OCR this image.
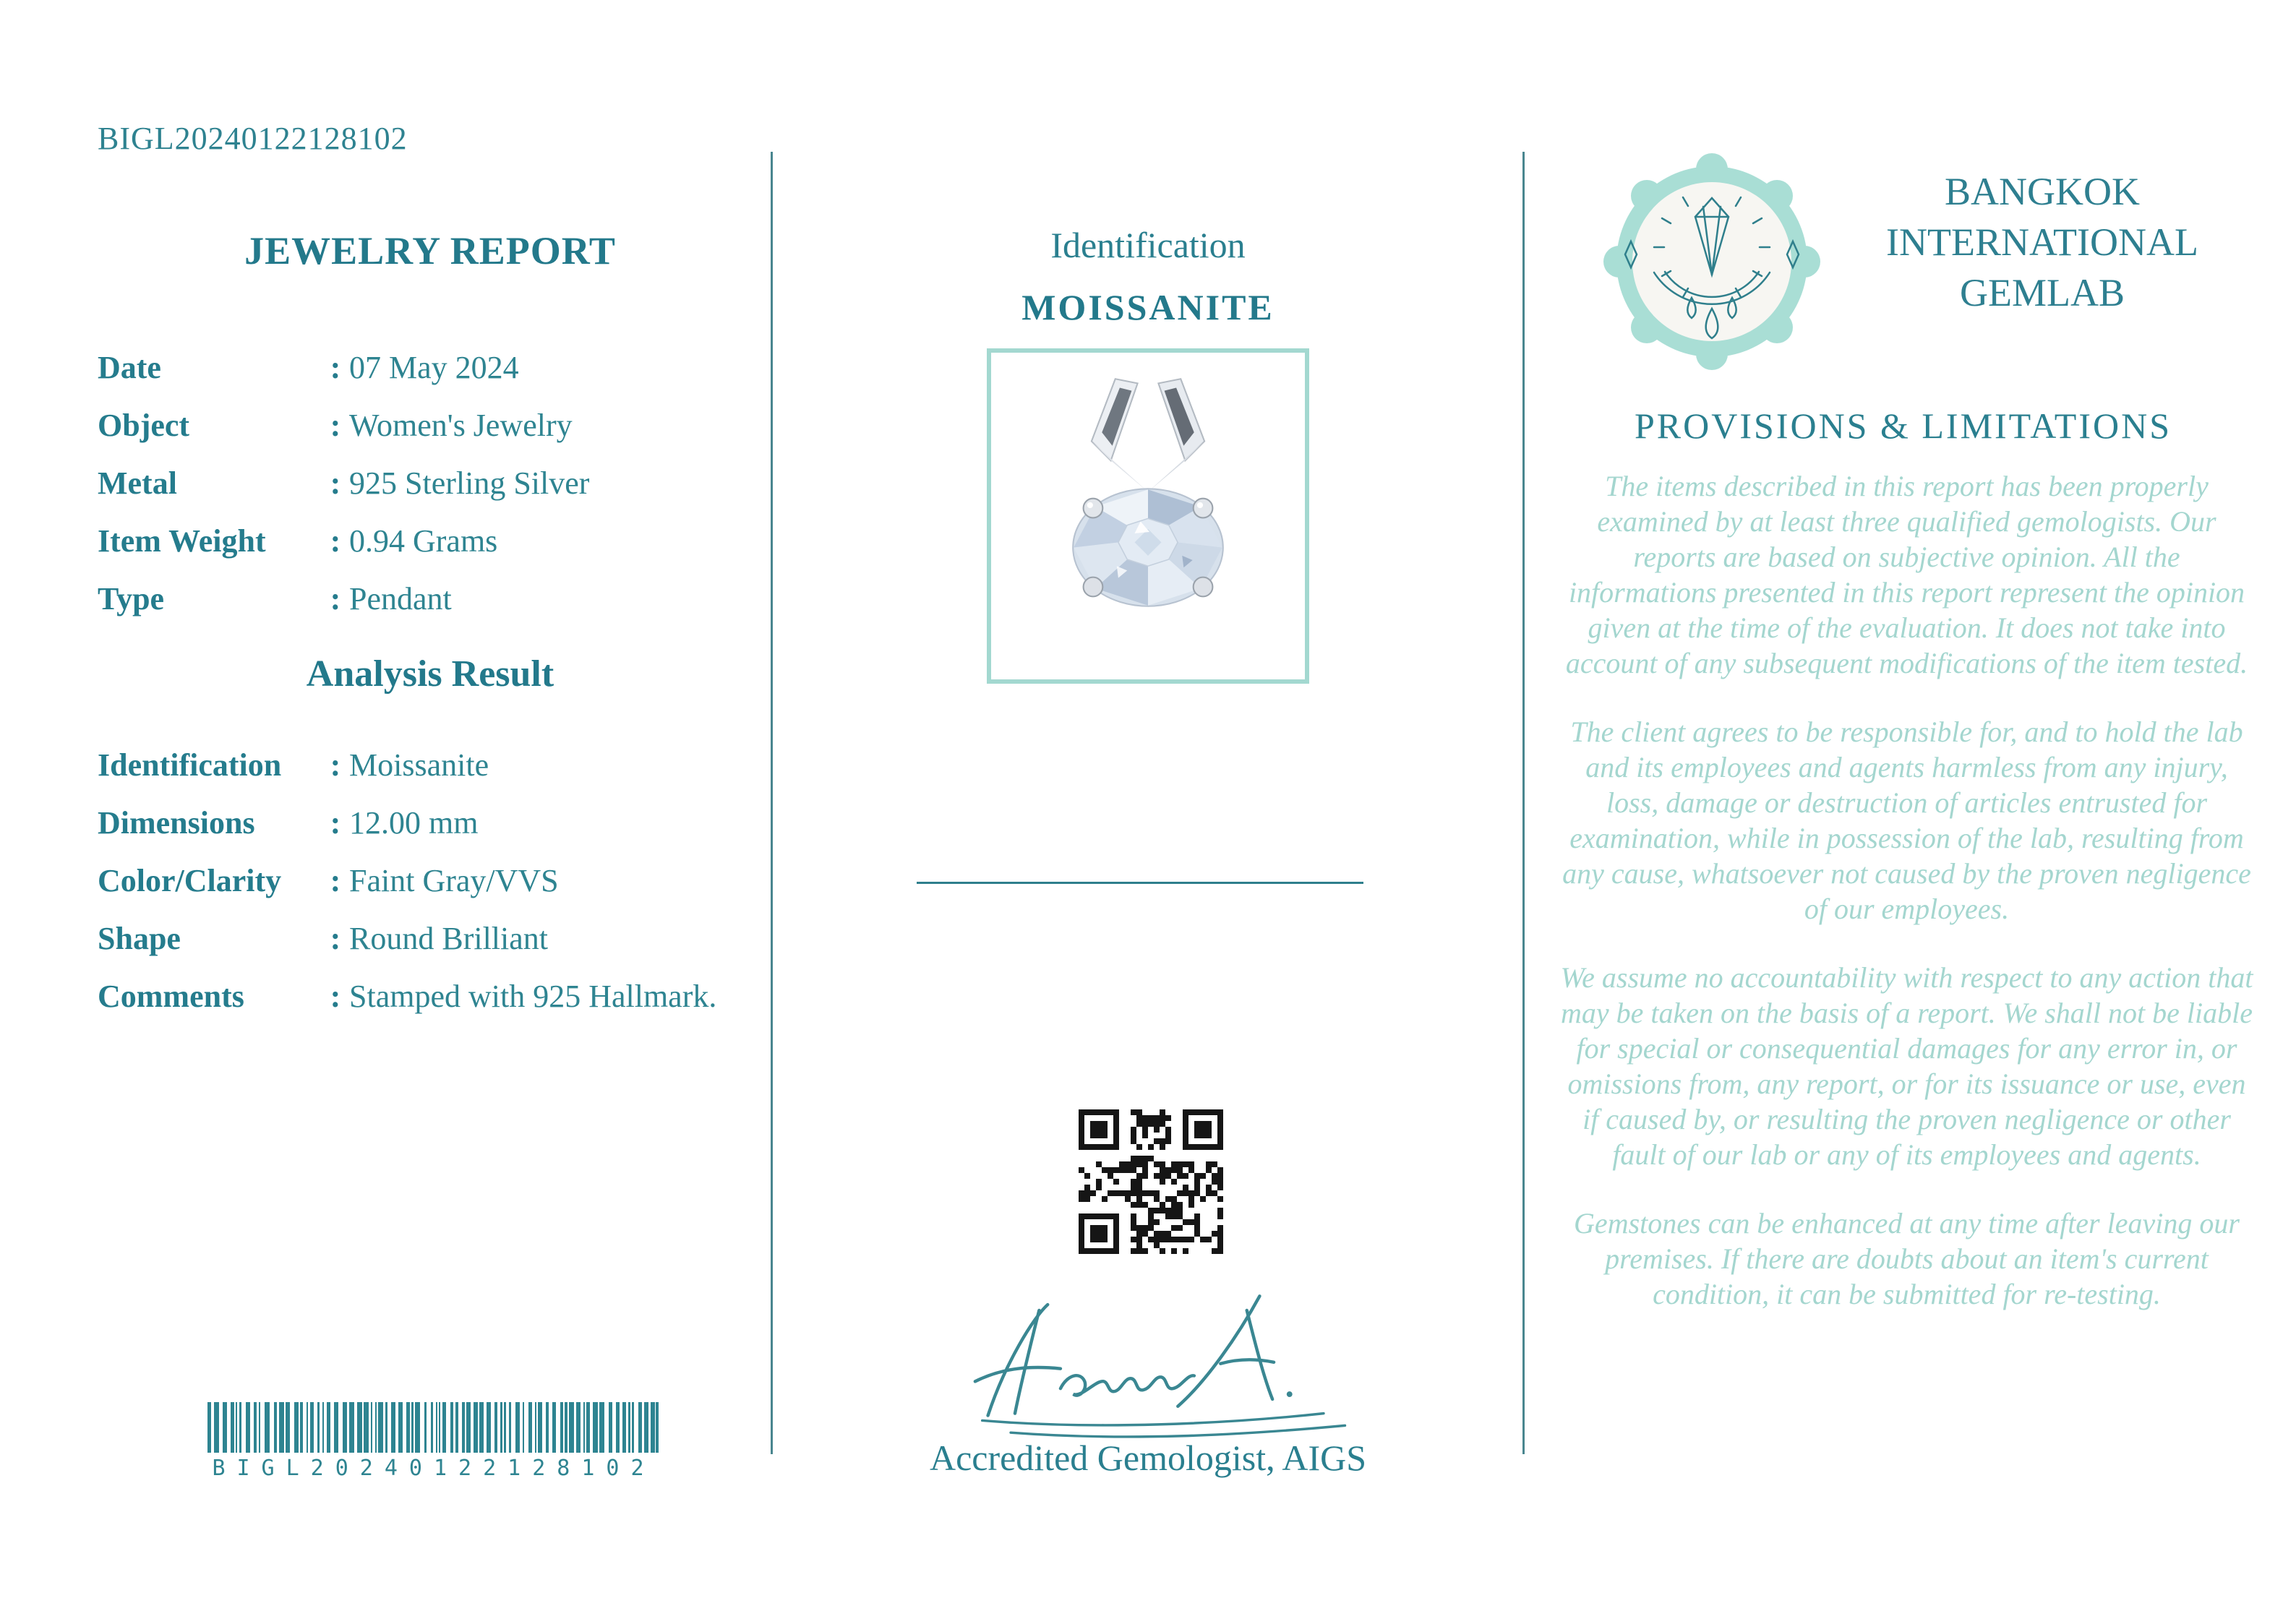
BIGL20240122128102
JEWELRY REPORT
Date	: 07 May 2024
Object	: Women's Jewelry
Metal	: 925 Sterling Silver
Item Weight	: 0.94 Grams
Type	: Pendant
Analysis Result
Identification	: Moissanite
Dimensions	: 12.00 mm
Color/Clarity	: Faint Gray/VVS
Shape	: Round Brilliant
Comments	: Stamped with 925 Hallmark.
BIGL20240122128102
Identification
MOISSANITE
Accredited Gemologist, AIGS
BANGKOK
INTERNATIONAL
GEMLAB
PROVISIONS & LIMITATIONS

The items described in this report has been properly examined by at least three qualified gemologists. Our reports are based on subjective opinion. All the informations presented in this report represent the opinion given at the time of the evaluation. It does not take into account of any subsequent modifications of the item tested.

The client agrees to be responsible for, and to hold the lab and its employees and agents harmless from any injury, loss, damage or destruction of articles entrusted for examination, while in possession of the lab, resulting from any cause, whatsoever not caused by the proven negligence of our employees.

We assume no accountability with respect to any action that may be taken on the basis of a report. We shall not be liable for special or consequential damages for any error in, or omissions from, any report, or for its issuance or use, even if caused by, or resulting the proven negligence or other fault of our lab or any of its employees and agents.

Gemstones can be enhanced at any time after leaving our premises. If there are doubts about an item's current condition, it can be submitted for re-testing.
